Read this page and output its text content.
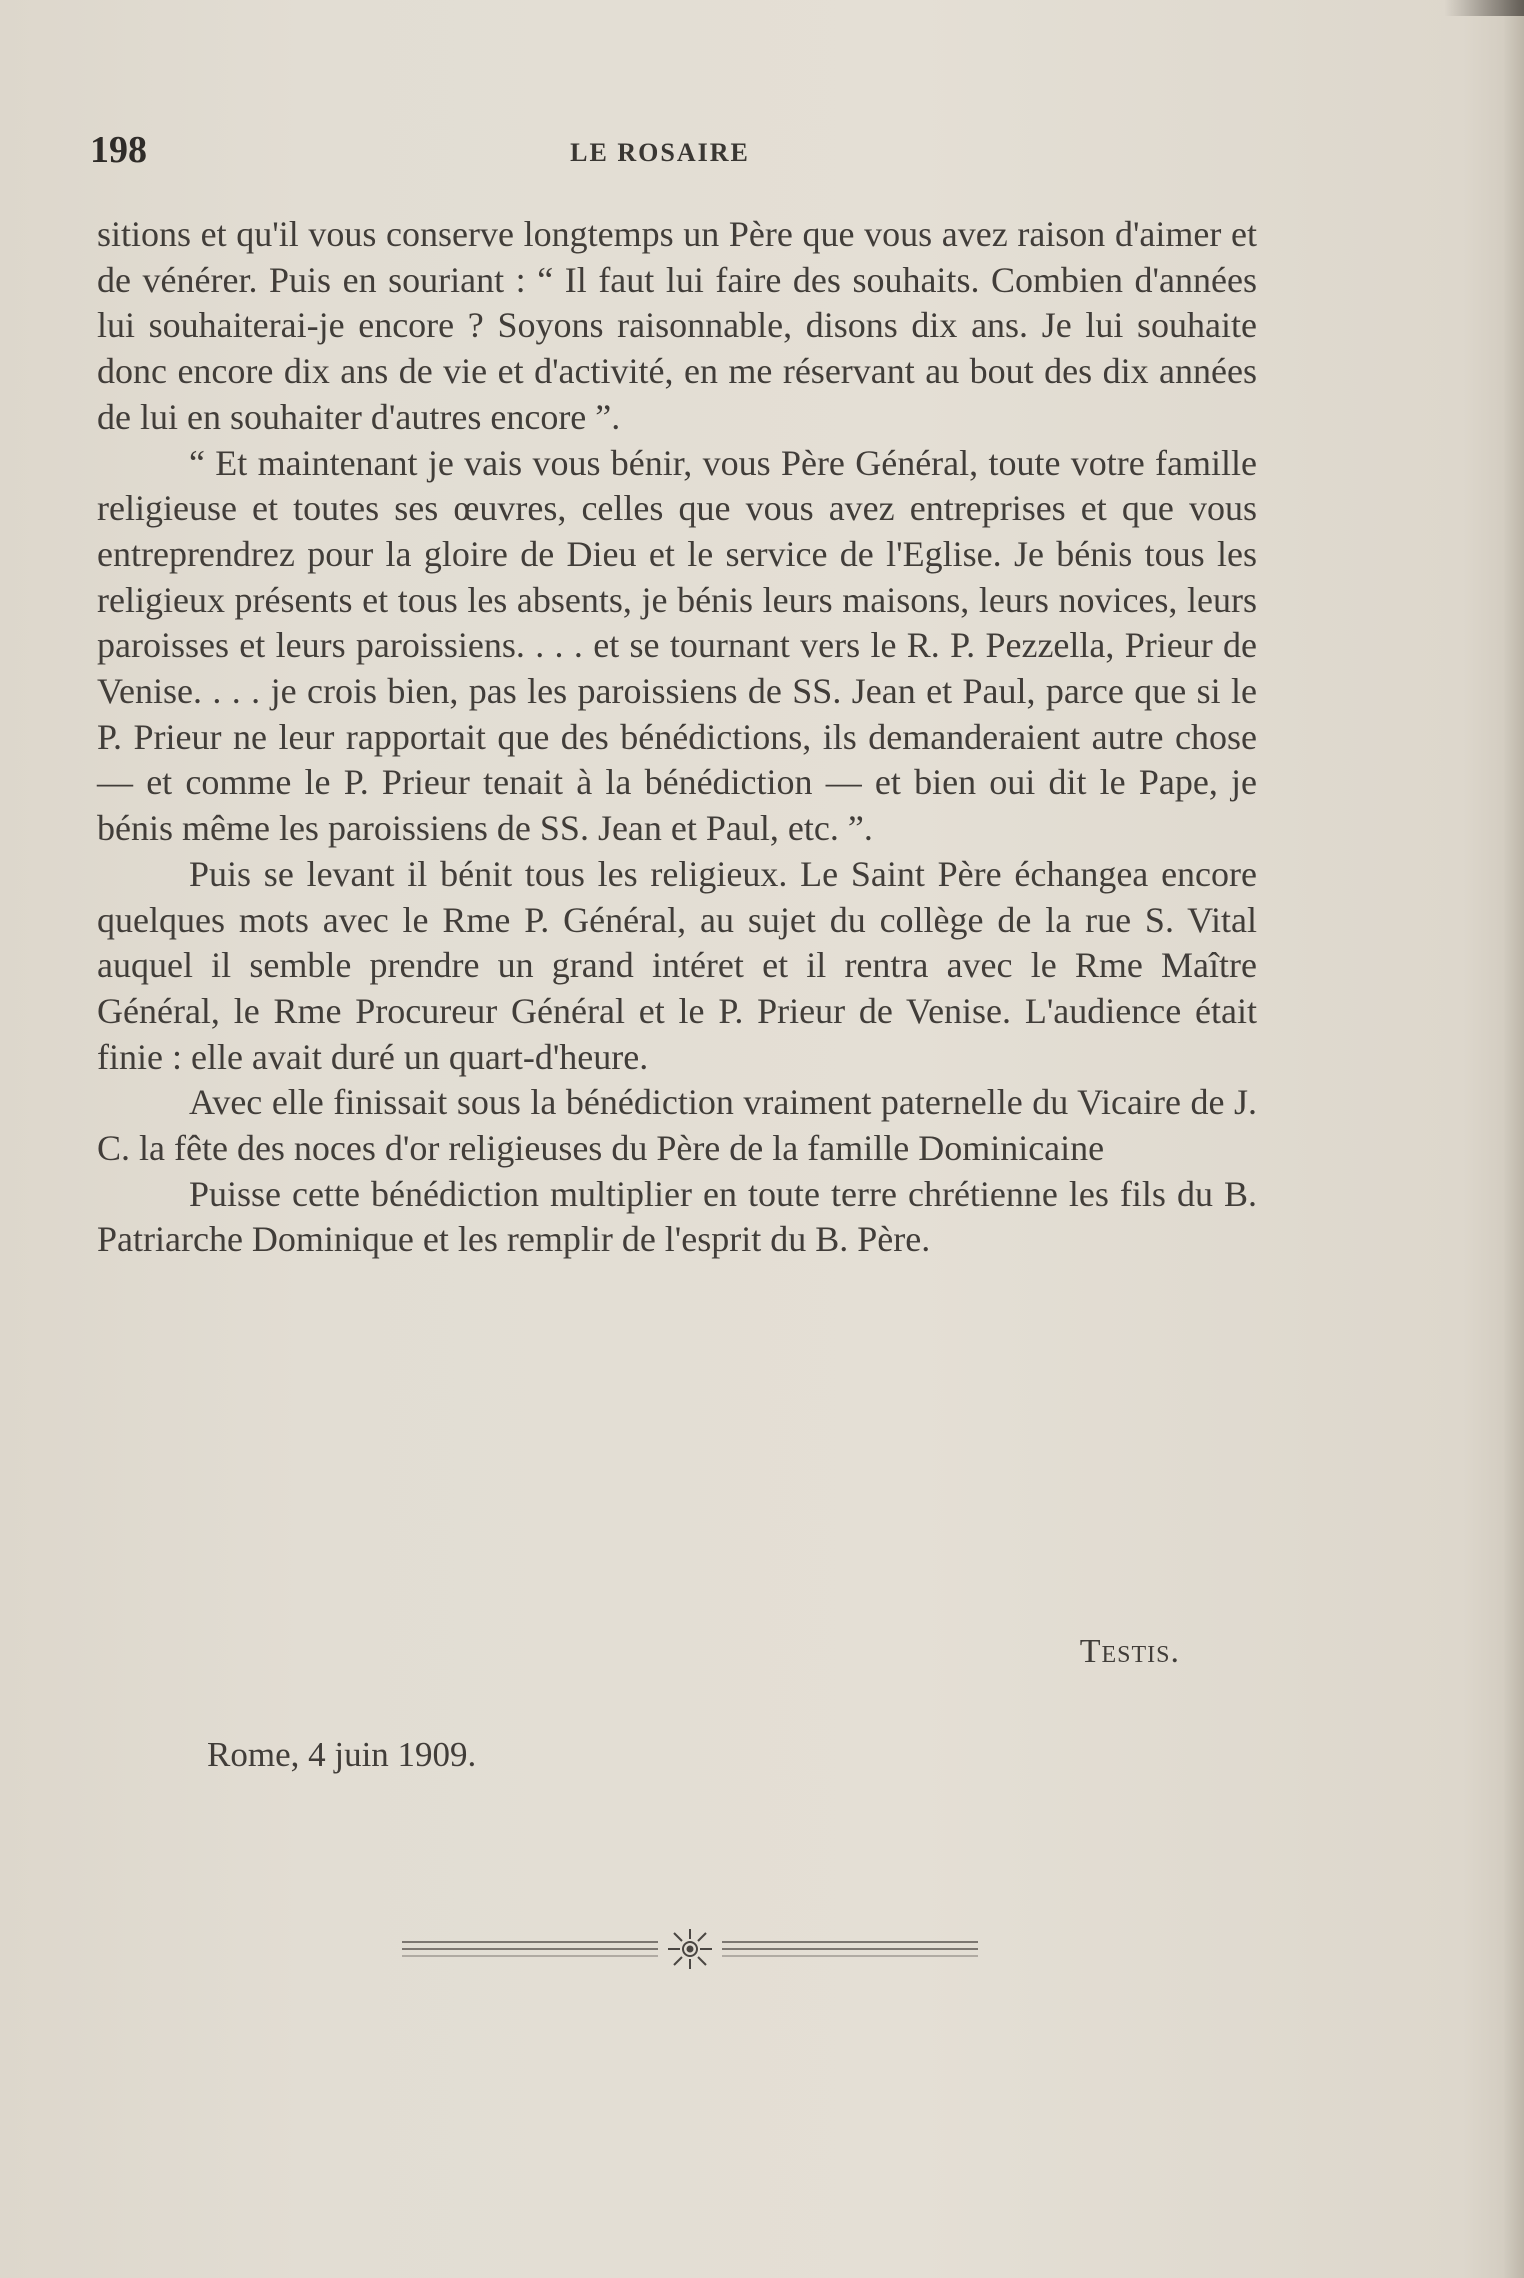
198	LE ROSAIRE

sitions et qu'il vous conserve longtemps un Père que vous avez raison d'aimer et de vénérer. Puis en souriant : “ Il faut lui faire des souhaits. Combien d'années lui souhaiterai-je encore ? Soyons raisonnable, disons dix ans. Je lui souhaite donc encore dix ans de vie et d'activité, en me réservant au bout des dix années de lui en souhaiter d'autres encore ”.

“ Et maintenant je vais vous bénir, vous Père Général, toute votre famille religieuse et toutes ses œuvres, celles que vous avez entreprises et que vous entreprendrez pour la gloire de Dieu et le service de l'Eglise. Je bénis tous les religieux présents et tous les absents, je bénis leurs maisons, leurs novices, leurs paroisses et leurs paroissiens. . . . et se tournant vers le R. P. Pezzella, Prieur de Venise. . . . je crois bien, pas les paroissiens de SS. Jean et Paul, parce que si le P. Prieur ne leur rapportait que des bénédictions, ils demanderaient autre chose — et comme le P. Prieur tenait à la bénédiction — et bien oui dit le Pape, je bénis même les paroissiens de SS. Jean et Paul, etc. ”.

Puis se levant il bénit tous les religieux. Le Saint Père échangea encore quelques mots avec le Rme P. Général, au sujet du collège de la rue S. Vital auquel il semble prendre un grand intéret et il rentra avec le Rme Maître Général, le Rme Procureur Général et le P. Prieur de Venise. L'audience était finie : elle avait duré un quart-d'heure.

Avec elle finissait sous la bénédiction vraiment paternelle du Vicaire de J. C. la fête des noces d'or religieuses du Père de la famille Dominicaine

Puisse cette bénédiction multiplier en toute terre chrétienne les fils du B. Patriarche Dominique et les remplir de l'esprit du B. Père.

Testis.

Rome, 4 juin 1909.
